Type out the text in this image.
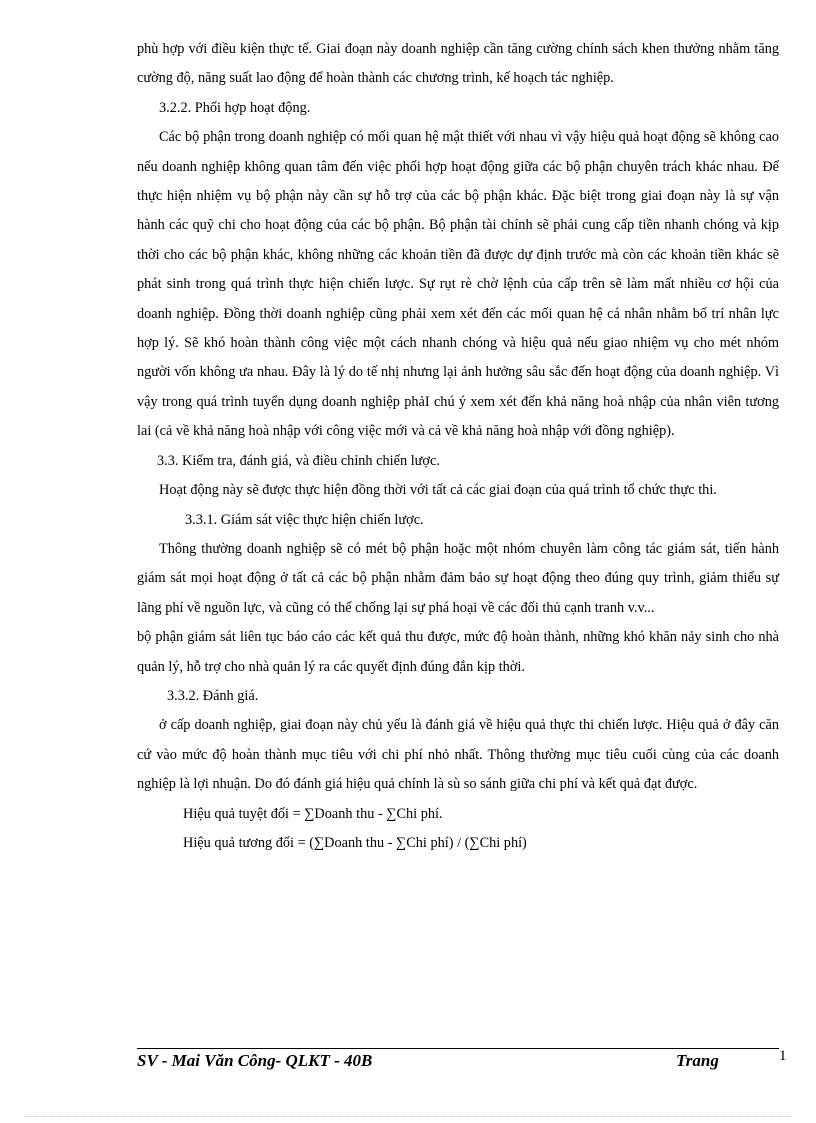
phù hợp với điều kiện thực tế. Giai đoạn này doanh nghiệp cần tăng cường chính sách khen thưởng nhằm tăng cường độ, năng suất lao động để hoàn thành các chương trình, kế hoạch tác nghiệp.

3.2.2. Phối hợp hoạt động.

Các bộ phận trong doanh nghiệp có mối quan hệ mật thiết với nhau vì vậy hiệu quả hoạt động sẽ không cao nếu doanh nghiệp không quan tâm đến việc phối hợp hoạt động giữa các bộ phận chuyên trách khác nhau. Để thực hiện nhiệm vụ bộ phận này cần sự hỗ trợ của các bộ phận khác. Đặc biệt trong giai đoạn này là sự vận hành các quỹ chi cho hoạt động của các bộ phận. Bộ phận tài chính sẽ phải cung cấp tiền nhanh chóng và kịp thời cho các bộ phận khác, không những các khoản tiền đã được dự định trước mà còn các khoản tiền khác sẽ phát sinh trong quá trình thực hiện chiến lược. Sự rụt rè chờ lệnh của cấp trên sẽ làm mất nhiều cơ hội của doanh nghiệp. Đồng thời doanh nghiệp cũng phải xem xét đến các mối quan hệ cá nhân nhằm bố trí nhân lực hợp lý. Sẽ khó hoàn thành công việc một cách nhanh chóng và hiệu quả nếu giao nhiệm vụ cho mét nhóm người vốn không ưa nhau. Đây là lý do tế nhị nhưng lại ảnh hưởng sâu sắc đến hoạt động của doanh nghiệp. Vì vậy trong quá trình tuyển dụng doanh nghiệp phảI chú ý xem xét đến khả năng hoà nhập của nhân viên tương lai (cả về khả năng hoà nhập với công việc mới và cả về khả năng hoà nhập với đồng nghiệp).

3.3. Kiểm tra, đánh giá, và điều chỉnh chiến lược.

Hoạt động này sẽ được thực hiện đồng thời với tất cả các giai đoạn của quá trình tổ chức thực thi.

3.3.1. Giám sát việc thực hiện chiến lược.

Thông thường doanh nghiệp sẽ có mét bộ phận hoặc một nhóm chuyên làm công tác giám sát, tiến hành giám sát mọi hoạt động ở tất cả các bộ phận nhằm đảm bảo sự hoạt động theo đúng quy trình, giảm thiểu sự lãng phí về nguồn lực, và cũng có thể chống lại sự phá hoại về các đối thủ cạnh tranh v.v...

bộ phận giám sát liên tục báo cáo các kết quả thu được, mức độ hoàn thành, những khó khăn nảy sinh cho nhà quản lý, hỗ trợ cho nhà quản lý ra các quyết định đúng đắn kịp thời.

3.3.2. Đánh giá.

ở cấp doanh nghiệp, giai đoạn này chủ yếu là đánh giá về hiệu quả thực thi chiến lược. Hiệu quả ở đây căn cứ vào mức độ hoàn thành mục tiêu với chi phí nhỏ nhất. Thông thường mục tiêu cuối cùng của các doanh nghiệp là lợi nhuận. Do đó đánh giá hiệu quả chính là sù so sánh giữa chi phí và kết quả đạt được.

Hiệu quả tuyệt đối = ∑Doanh thu - ∑Chi phí.

Hiệu quả tương đối = (∑Doanh thu - ∑Chi phí) / (∑Chi phí)

SV - Mai Văn Công- QLKT - 40B	Trang	1
